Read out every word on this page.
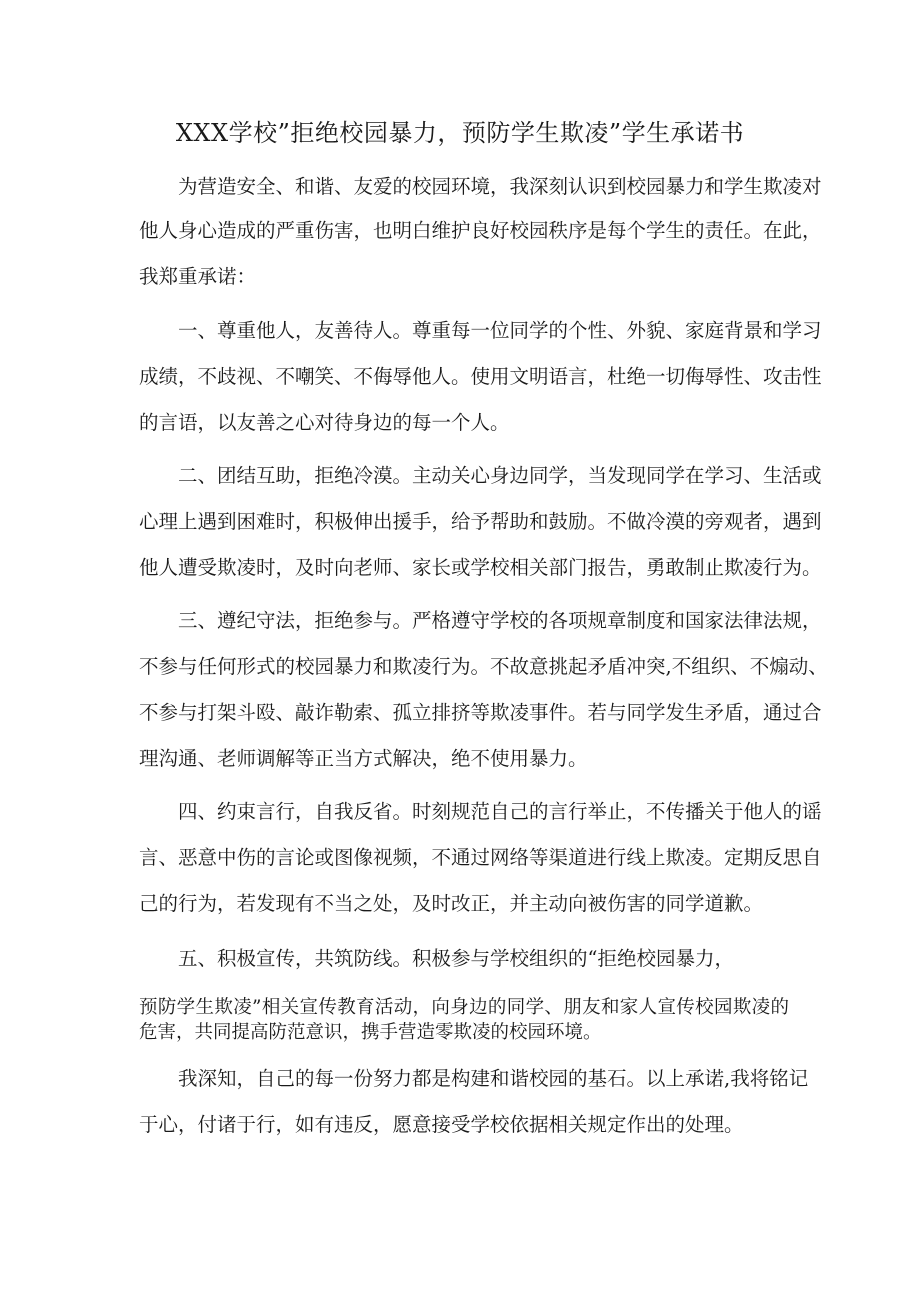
XXX学校”拒绝校园暴力，预防学生欺凌”学生承诺书
为营造安全、和谐、友爱的校园环境，我深刻认识到校园暴力和学生欺凌对
他人身心造成的严重伤害，也明白维护良好校园秩序是每个学生的责任。在此，
我郑重承诺：
一、尊重他人，友善待人。尊重每一位同学的个性、外貌、家庭背景和学习
成绩，不歧视、不嘲笑、不侮辱他人。使用文明语言，杜绝一切侮辱性、攻击性
的言语，以友善之心对待身边的每一个人。
二、团结互助，拒绝冷漠。主动关心身边同学，当发现同学在学习、生活或
心理上遇到困难时，积极伸出援手，给予帮助和鼓励。不做冷漠的旁观者，遇到
他人遭受欺凌时，及时向老师、家长或学校相关部门报告，勇敢制止欺凌行为。
三、遵纪守法，拒绝参与。严格遵守学校的各项规章制度和国家法律法规，
不参与任何形式的校园暴力和欺凌行为。不故意挑起矛盾冲突,不组织、不煽动、
不参与打架斗殴、敲诈勒索、孤立排挤等欺凌事件。若与同学发生矛盾，通过合
理沟通、老师调解等正当方式解决，绝不使用暴力。
四、约束言行，自我反省。时刻规范自己的言行举止，不传播关于他人的谣
言、恶意中伤的言论或图像视频，不通过网络等渠道进行线上欺凌。定期反思自
己的行为，若发现有不当之处，及时改正，并主动向被伤害的同学道歉。
五、积极宣传，共筑防线。积极参与学校组织的“拒绝校园暴力，
预防学生欺凌”相关宣传教育活动，向身边的同学、朋友和家人宣传校园欺凌的
危害，共同提高防范意识，携手营造零欺凌的校园环境。
我深知，自己的每一份努力都是构建和谐校园的基石。以上承诺,我将铭记
于心，付诸于行，如有违反，愿意接受学校依据相关规定作出的处理。
